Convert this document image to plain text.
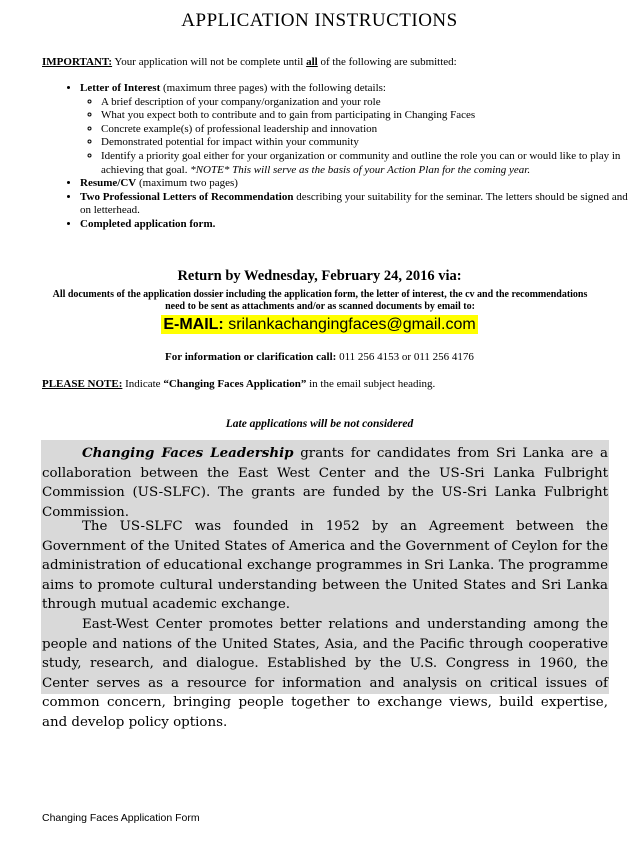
APPLICATION INSTRUCTIONS
IMPORTANT: Your application will not be complete until all of the following are submitted:
• Letter of Interest (maximum three pages) with the following details:
◦ A brief description of your company/organization and your role
◦ What you expect both to contribute and to gain from participating in Changing Faces
◦ Concrete example(s) of professional leadership and innovation
◦ Demonstrated potential for impact within your community
◦ Identify a priority goal either for your organization or community and outline the role you can or would like to play in achieving that goal. *NOTE* This will serve as the basis of your Action Plan for the coming year.
• Resume/CV (maximum two pages)
• Two Professional Letters of Recommendation describing your suitability for the seminar. The letters should be signed and on letterhead.
• Completed application form.
Return by Wednesday, February 24, 2016 via:
All documents of the application dossier including the application form, the letter of interest, the cv and the recommendations need to be sent as attachments and/or as scanned documents by email to:
E-MAIL: srilankachangingfaces@gmail.com
For information or clarification call: 011 256 4153 or 011 256 4176
PLEASE NOTE: Indicate “Changing Faces Application” in the email subject heading.
Late applications will be not considered

Changing Faces Leadership grants for candidates from Sri Lanka are a collaboration between the East West Center and the US-Sri Lanka Fulbright Commission (US-SLFC). The grants are funded by the US-Sri Lanka Fulbright Commission.

The US-SLFC was founded in 1952 by an Agreement between the Government of the United States of America and the Government of Ceylon for the administration of educational exchange programmes in Sri Lanka. The programme aims to promote cultural understanding between the United States and Sri Lanka through mutual academic exchange.

East-West Center promotes better relations and understanding among the people and nations of the United States, Asia, and the Pacific through cooperative study, research, and dialogue. Established by the U.S. Congress in 1960, the Center serves as a resource for information and analysis on critical issues of common concern, bringing people together to exchange views, build expertise, and develop policy options.

Changing Faces Application Form
